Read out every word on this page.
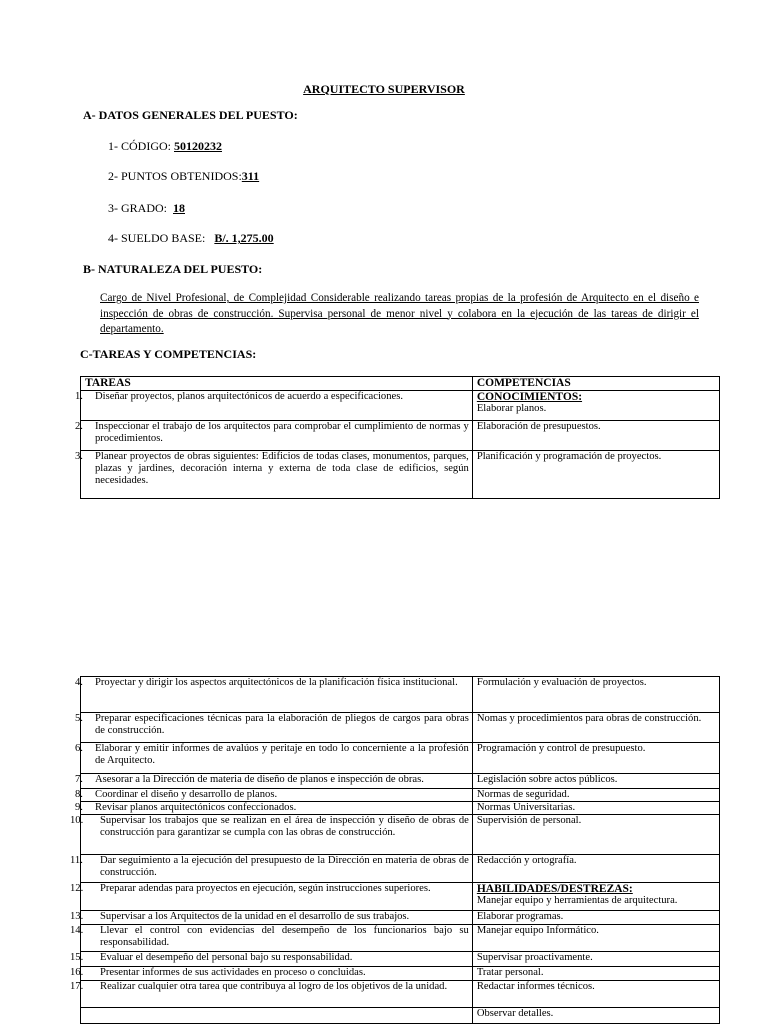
ARQUITECTO SUPERVISOR
A- DATOS GENERALES DEL PUESTO:
1- CÓDIGO: 50120232
2- PUNTOS OBTENIDOS:311
3- GRADO:  18
4- SUELDO BASE:   B/. 1,275.00
B- NATURALEZA DEL PUESTO:
Cargo de Nivel Profesional, de Complejidad Considerable realizando tareas propias de la profesión de Arquitecto en el diseño e inspección de obras de construcción. Supervisa personal de menor nivel y colabora en la ejecución de las tareas de dirigir el departamento.
C-TAREAS Y COMPETENCIAS:
TAREAS	COMPETENCIAS

1. Diseñar proyectos, planos arquitectónicos de acuerdo a especificaciones.	CONOCIMIENTOS:
Elaborar planos.

2. Inspeccionar el trabajo de los arquitectos para comprobar el cumplimiento de normas y procedimientos.	Elaboración de presupuestos.

3. Planear proyectos de obras siguientes: Edificios de todas clases, monumentos, parques, plazas y jardines, decoración interna y externa de toda clase de edificios, según necesidades.	Planificación y programación de proyectos.
4. Proyectar y dirigir los aspectos arquitectónicos de la planificación física institucional.	Formulación y evaluación de proyectos.

5. Preparar especificaciones técnicas para la elaboración de pliegos de cargos para obras de construcción.	Nomas y procedimientos para obras de construcción.

6. Elaborar y emitir informes de avalúos y peritaje en todo lo concerniente a la profesión de Arquitecto.	Programación y control de presupuesto.

7. Asesorar a la Dirección de materia de diseño de planos e inspección de obras.	Legislación sobre actos públicos.

8. Coordinar el diseño y desarrollo de planos.	Normas de seguridad.

9. Revisar planos arquitectónicos confeccionados.	Normas Universitarias.

10. Supervisar los trabajos que se realizan en el área de inspección y diseño de obras de construcción para garantizar se cumpla con las obras de construcción.	Supervisión de personal.

11. Dar seguimiento a la ejecución del presupuesto de la Dirección en materia de obras de construcción.	Redacción y ortografía.

12. Preparar adendas para proyectos en ejecución, según instrucciones superiores.	HABILIDADES/DESTREZAS:
Manejar equipo y herramientas de arquitectura.

13. Supervisar a los Arquitectos de la unidad en el desarrollo de sus trabajos.	Elaborar programas.

14. Llevar el control con evidencias del desempeño de los funcionarios bajo su responsabilidad.	Manejar equipo Informático.

15. Evaluar el desempeño del personal bajo su responsabilidad.	Supervisar proactivamente.

16. Presentar informes de sus actividades en proceso o concluidas.	Tratar personal.

17. Realizar cualquier otra tarea que contribuya al logro de los objetivos de la unidad.	Redactar informes técnicos.

	Observar detalles.
